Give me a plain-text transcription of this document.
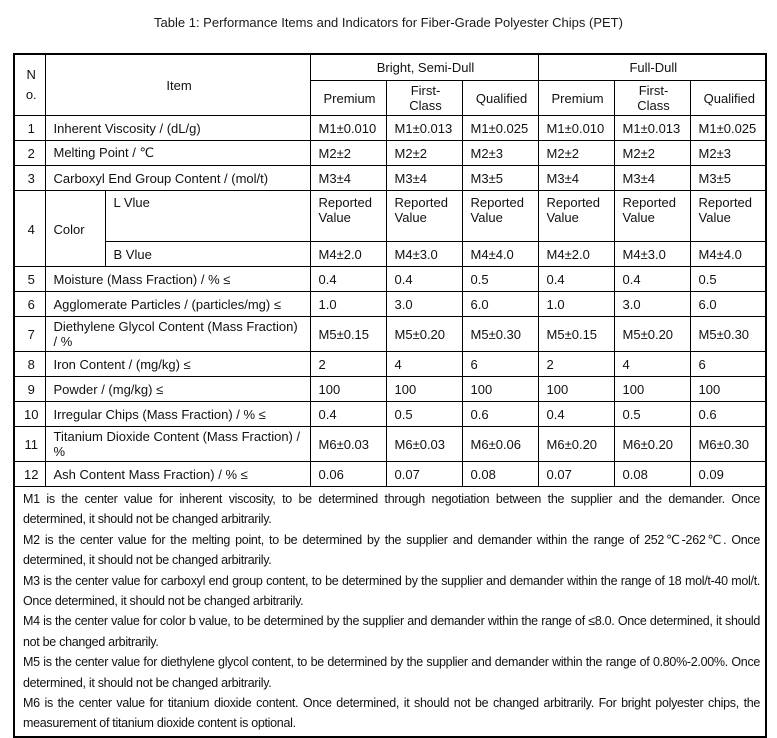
Table 1: Performance Items and Indicators for Fiber-Grade Polyester Chips (PET)
N
o.	Item		Bright, Semi-Dull			Full-Dull		
			Premium	First-Class	Qualified	Premium	First-Class	Qualified
1	Inherent Viscosity / (dL/g)		M1±0.010	M1±0.013	M1±0.025	M1±0.010	M1±0.013	M1±0.025
2	Melting Point / ℃		M2±2	M2±2	M2±3	M2±2	M2±2	M2±3
3	Carboxyl End Group Content / (mol/t)		M3±4	M3±4	M3±5	M3±4	M3±4	M3±5
4	Color	L Vlue	Reported Value	Reported Value	Reported Value	Reported Value	Reported Value	Reported Value
		B Vlue	M4±2.0	M4±3.0	M4±4.0	M4±2.0	M4±3.0	M4±4.0
5	Moisture (Mass Fraction) / % ≤		0.4	0.4	0.5	0.4	0.4	0.5
6	Agglomerate Particles / (particles/mg) ≤		1.0	3.0	6.0	1.0	3.0	6.0
7	Diethylene Glycol Content (Mass Fraction) / %		M5±0.15	M5±0.20	M5±0.30	M5±0.15	M5±0.20	M5±0.30
8	Iron Content / (mg/kg) ≤		2	4	6	2	4	6
9	Powder / (mg/kg) ≤		100	100	100	100	100	100
10	Irregular Chips (Mass Fraction) / % ≤		0.4	0.5	0.6	0.4	0.5	0.6
11	Titanium Dioxide Content (Mass Fraction) / %		M6±0.03	M6±0.03	M6±0.06	M6±0.20	M6±0.20	M6±0.30
12	Ash Content Mass Fraction) / % ≤		0.06	0.07	0.08	0.07	0.08	0.09

M1 is the center value for inherent viscosity, to be determined through negotiation between the supplier and the demander. Once determined, it should not be changed arbitrarily.

M2 is the center value for the melting point, to be determined by the supplier and demander within the range of 252℃-262℃. Once determined, it should not be changed arbitrarily.

M3 is the center value for carboxyl end group content, to be determined by the supplier and demander within the range of 18 mol/t-40 mol/t. Once determined, it should not be changed arbitrarily.

M4 is the center value for color b value, to be determined by the supplier and demander within the range of ≤8.0. Once determined, it should not be changed arbitrarily.

M5 is the center value for diethylene glycol content, to be determined by the supplier and demander within the range of 0.80%-2.00%. Once determined, it should not be changed arbitrarily.

M6 is the center value for titanium dioxide content. Once determined, it should not be changed arbitrarily. For bright polyester chips, the measurement of titanium dioxide content is optional.
